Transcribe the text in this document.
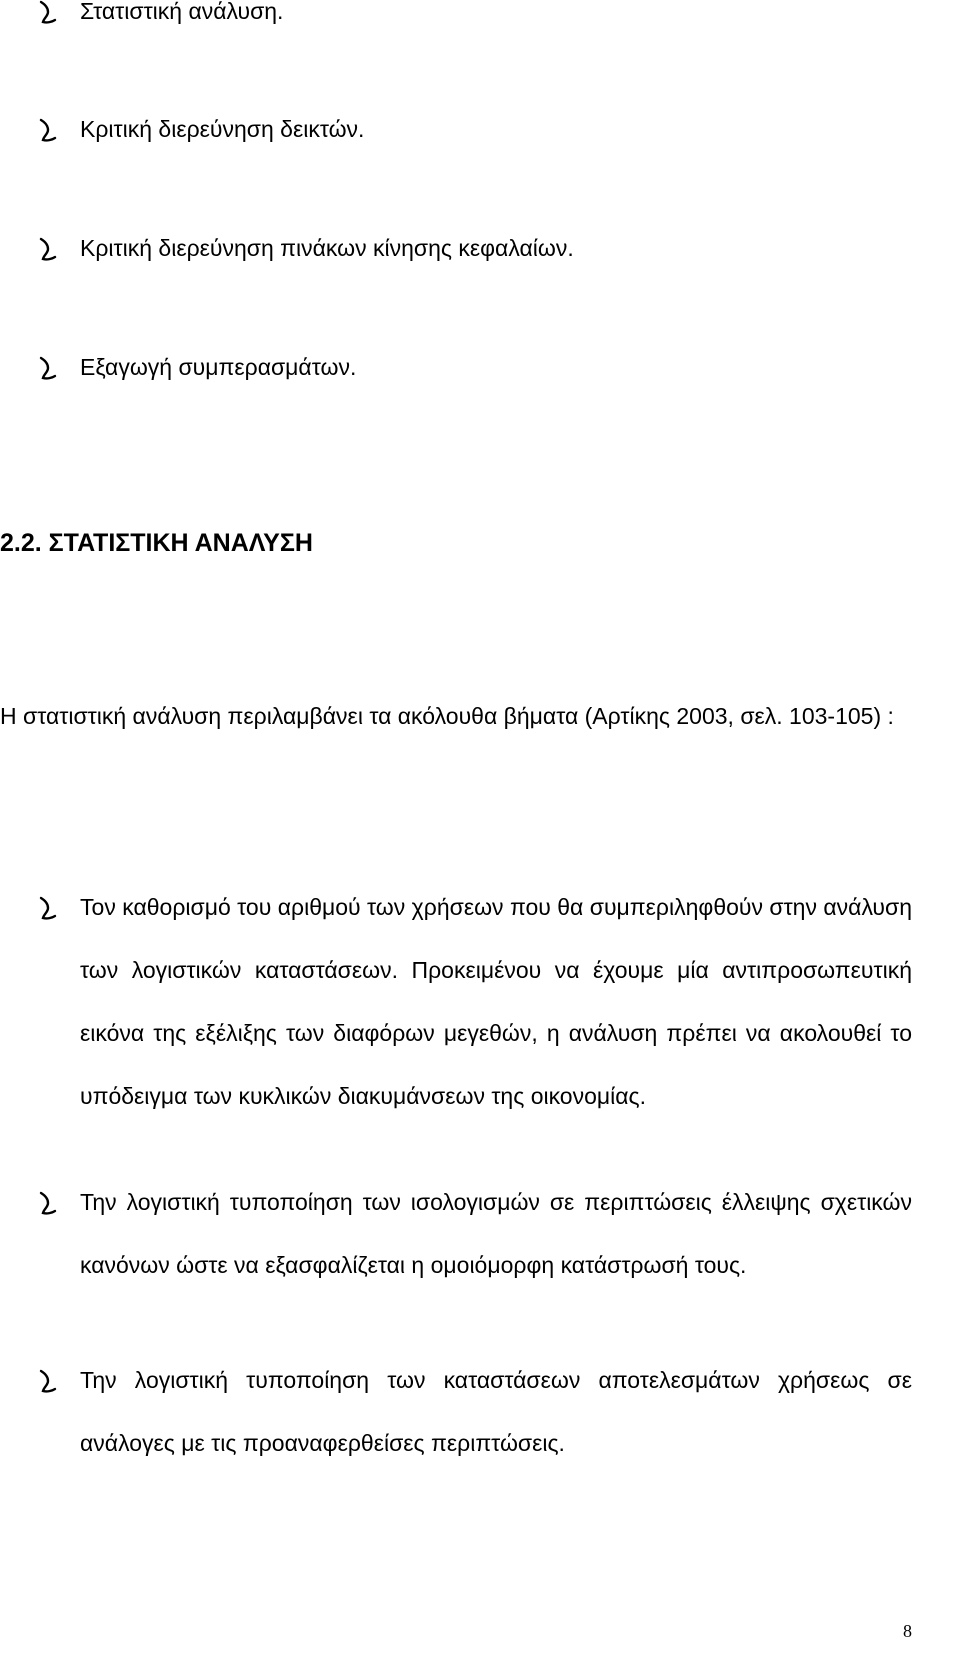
Στατιστική ανάλυση.

Κριτική διερεύνηση δεικτών.

Κριτική διερεύνηση πινάκων κίνησης κεφαλαίων.

Εξαγωγή συμπερασμάτων.

2.2. ΣΤΑΤΙΣΤΙΚΗ ΑΝΑΛΥΣΗ

Η στατιστική ανάλυση περιλαμβάνει τα ακόλουθα βήματα (Αρτίκης 2003, σελ. 103-105) :

Τον καθορισμό του αριθμού των χρήσεων που θα συμπεριληφθούν στην ανάλυση των λογιστικών καταστάσεων. Προκειμένου να έχουμε μία αντιπροσωπευτική εικόνα της εξέλιξης των διαφόρων μεγεθών, η ανάλυση πρέπει να ακολουθεί το υπόδειγμα των κυκλικών διακυμάνσεων της οικονομίας.

Την λογιστική τυποποίηση των ισολογισμών σε περιπτώσεις έλλειψης σχετικών κανόνων ώστε να εξασφαλίζεται η ομοιόμορφη κατάστρωσή τους.

Την λογιστική τυποποίηση των καταστάσεων αποτελεσμάτων χρήσεως σε ανάλογες με τις προαναφερθείσες περιπτώσεις.

8
